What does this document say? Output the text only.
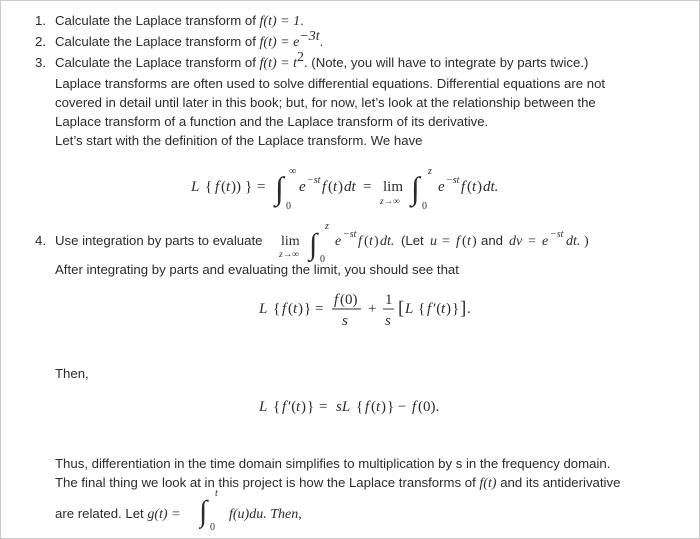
1. Calculate the Laplace transform of f(t) = 1.
2. Calculate the Laplace transform of $f(t) = e^{-3t}$.
3. Calculate the Laplace transform of $f(t) = t^2$. (Note, you will have to integrate by parts twice.)
Laplace transforms are often used to solve differential equations. Differential equations are not
covered in detail until later in this book; but, for now, let’s look at the relationship between the
Laplace transform of a function and the Laplace transform of its derivative.
Let’s start with the definition of the Laplace transform. We have
L { f ( t )) } = ∫ ∞
0
e −st f ( t ) dt = lim
z→∞ ∫ z
0
e −st f ( t ) dt.
4. Use integration by parts to evaluate lim
z→∞ ∫
z
0
e −st f ( t ) dt. (Let u = f ( t ) and dv = e −st dt. )
After integrating by parts and evaluating the limit, you should see that
L { f ( t ) } =
f (0)
s
+
1
s
[ L { f ′( t ) } ] .
Then,
L { f ′( t ) } = sL { f ( t ) } − f (0).
Thus, differentiation in the time domain simplifies to multiplication by s in the frequency domain.
The final thing we look at in this project is how the Laplace transforms of f(t) and its antiderivative
are related. Let g(t) = ∫
t
0
f(u)du. Then,
